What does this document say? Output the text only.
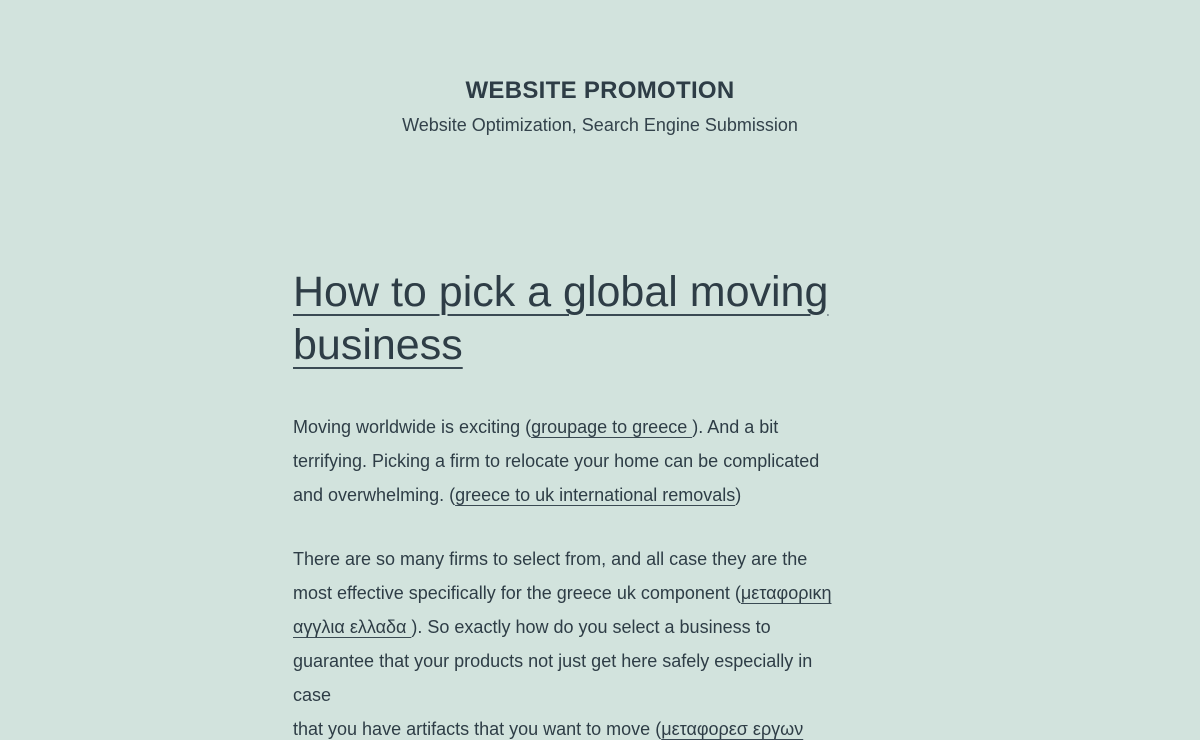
WEBSITE PROMOTION

Website Optimization, Search Engine Submission

How to pick a global moving
business

Moving worldwide is exciting (groupage to greece ). And a bit
terrifying. Picking a firm to relocate your home can be complicated
and overwhelming. (greece to uk international removals)

There are so many firms to select from, and all case they are the
most effective specifically for the greece uk component (μεταφορικη
αγγλια ελλαδα ). So exactly how do you select a business to
guarantee that your products not just get here safely especially in
case
that you have artifacts that you want to move (μεταφορεσ εργων
